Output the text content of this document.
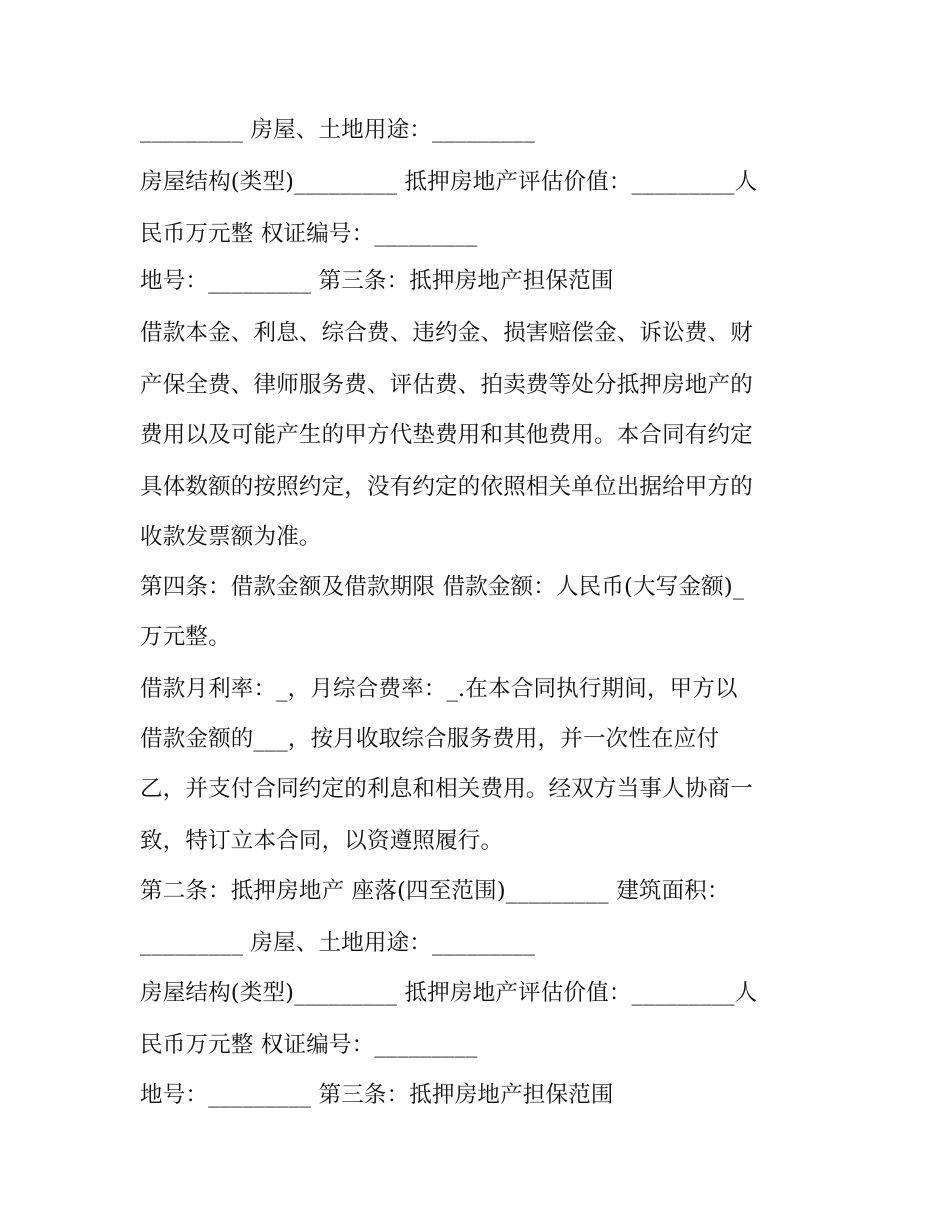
_________ 房屋、土地用途：_________
房屋结构(类型)_________ 抵押房地产评估价值：_________人
民币万元整 权证编号：_________
地号：_________ 第三条：抵押房地产担保范围
借款本金、利息、综合费、违约金、损害赔偿金、诉讼费、财
产保全费、律师服务费、评估费、拍卖费等处分抵押房地产的
费用以及可能产生的甲方代垫费用和其他费用。本合同有约定
具体数额的按照约定，没有约定的依照相关单位出据给甲方的
收款发票额为准。
第四条：借款金额及借款期限 借款金额：人民币(大写金额)_
万元整。
借款月利率：_，月综合费率：_.在本合同执行期间，甲方以
借款金额的___，按月收取综合服务费用，并一次性在应付
乙，并支付合同约定的利息和相关费用。经双方当事人协商一
致，特订立本合同，以资遵照履行。
第二条：抵押房地产 座落(四至范围)_________ 建筑面积：
_________ 房屋、土地用途：_________
房屋结构(类型)_________ 抵押房地产评估价值：_________人
民币万元整 权证编号：_________
地号：_________ 第三条：抵押房地产担保范围
